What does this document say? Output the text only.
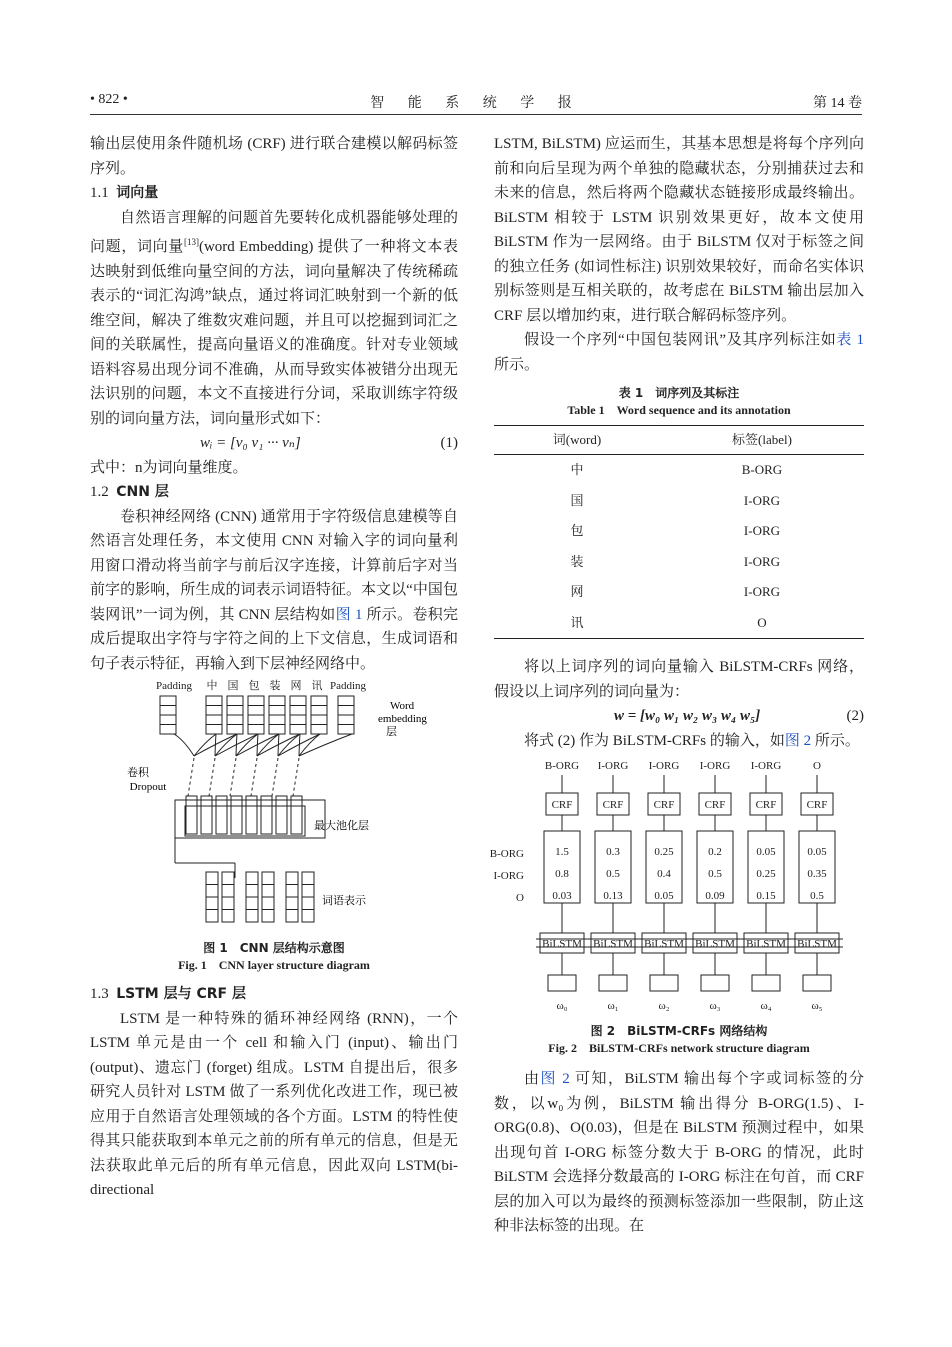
• 822 •	智 能 系 统 学 报	第 14 卷

输出层使用条件随机场 (CRF) 进行联合建模以解码标签序列。

1.1 词向量

自然语言理解的问题首先要转化成机器能够处理的问题，词向量[13](word Embedding) 提供了一种将文本表达映射到低维向量空间的方法，词向量解决了传统稀疏表示的“词汇沟鸿”缺点，通过将词汇映射到一个新的低维空间，解决了维数灾难问题，并且可以挖掘到词汇之间的关联属性，提高向量语义的准确度。针对专业领域语料容易出现分词不准确，从而导致实体被错分出现无法识别的问题，本文不直接进行分词，采取训练字符级别的词向量方法，词向量形式如下：

wᵢ = [v₀ v₁ ··· vₙ]	(1)

式中：n为词向量维度。

1.2 CNN 层

卷积神经网络 (CNN) 通常用于字符级信息建模等自然语言处理任务，本文使用 CNN 对输入字的词向量利用窗口滑动将当前字与前后汉字连接，计算前后字对当前字的影响，所生成的词表示词语特征。本文以“中国包装网讯”一词为例，其 CNN 层结构如图 1 所示。卷积完成后提取出字符与字符之间的上下文信息，生成词语和句子表示特征，再输入到下层神经网络中。

Padding 中 国 包 装 网 讯 Padding
Word
embedding
层
卷积
Dropout
最大池化层
词语表示
图 1　CNN 层结构示意图
Fig. 1　CNN layer structure diagram

1.3 LSTM 层与 CRF 层

LSTM 是一种特殊的循环神经网络 (RNN)，一个 LSTM 单元是由一个 cell 和输入门 (input)、输出门 (output)、遗忘门 (forget) 组成。LSTM 自提出后，很多研究人员针对 LSTM 做了一系列优化改进工作，现已被应用于自然语言处理领域的各个方面。LSTM 的特性使得其只能获取到本单元之前的所有单元的信息，但是无法获取此单元后的所有单元信息，因此双向 LSTM(bi-directional

LSTM, BiLSTM) 应运而生，其基本思想是将每个序列向前和向后呈现为两个单独的隐藏状态，分别捕获过去和未来的信息，然后将两个隐藏状态链接形成最终输出。BiLSTM 相较于 LSTM 识别效果更好，故本文使用 BiLSTM 作为一层网络。由于 BiLSTM 仅对于标签之间的独立任务 (如词性标注) 识别效果较好，而命名实体识别标签则是互相关联的，故考虑在 BiLSTM 输出层加入 CRF 层以增加约束，进行联合解码标签序列。

假设一个序列“中国包装网讯”及其序列标注如表 1 所示。

表 1　词序列及其标注
Table 1　Word sequence and its annotation
词(word)	标签(label)
中	B-ORG
国	I-ORG
包	I-ORG
装	I-ORG
网	I-ORG
讯	O

将以上词序列的词向量输入 BiLSTM-CRFs 网络，假设以上词序列的词向量为：

w = [w₀ w₁ w₂ w₃ w₄ w₅]	(2)

将式 (2) 作为 BiLSTM-CRFs 的输入，如图 2 所示。

B-ORG I-ORG I-ORG I-ORG I-ORG	O
B-ORG
I-ORG
O
CRF
1.5
0.8
0.03
BiLSTM
ω₀
CRF
0.3
0.5
0.13
BiLSTM
ω₁
CRF
0.25
0.4
0.05
BiLSTM
ω₂
CRF
0.2
0.5
0.09
BiLSTM
ω₃
CRF
0.05
0.25
0.15
BiLSTM
ω₄
CRF
0.05
0.35
0.5
BiLSTM
ω₅
图 2　BiLSTM-CRFs 网络结构
Fig. 2　BiLSTM-CRFs network structure diagram

由图 2 可知，BiLSTM 输出每个字或词标签的分数，以w₀为例，BiLSTM 输出得分 B-ORG(1.5)、I-ORG(0.8)、O(0.03)，但是在 BiLSTM 预测过程中，如果出现句首 I-ORG 标签分数大于 B-ORG 的情况，此时 BiLSTM 会选择分数最高的 I-ORG 标注在句首，而 CRF 层的加入可以为最终的预测标签添加一些限制，防止这种非法标签的出现。在
